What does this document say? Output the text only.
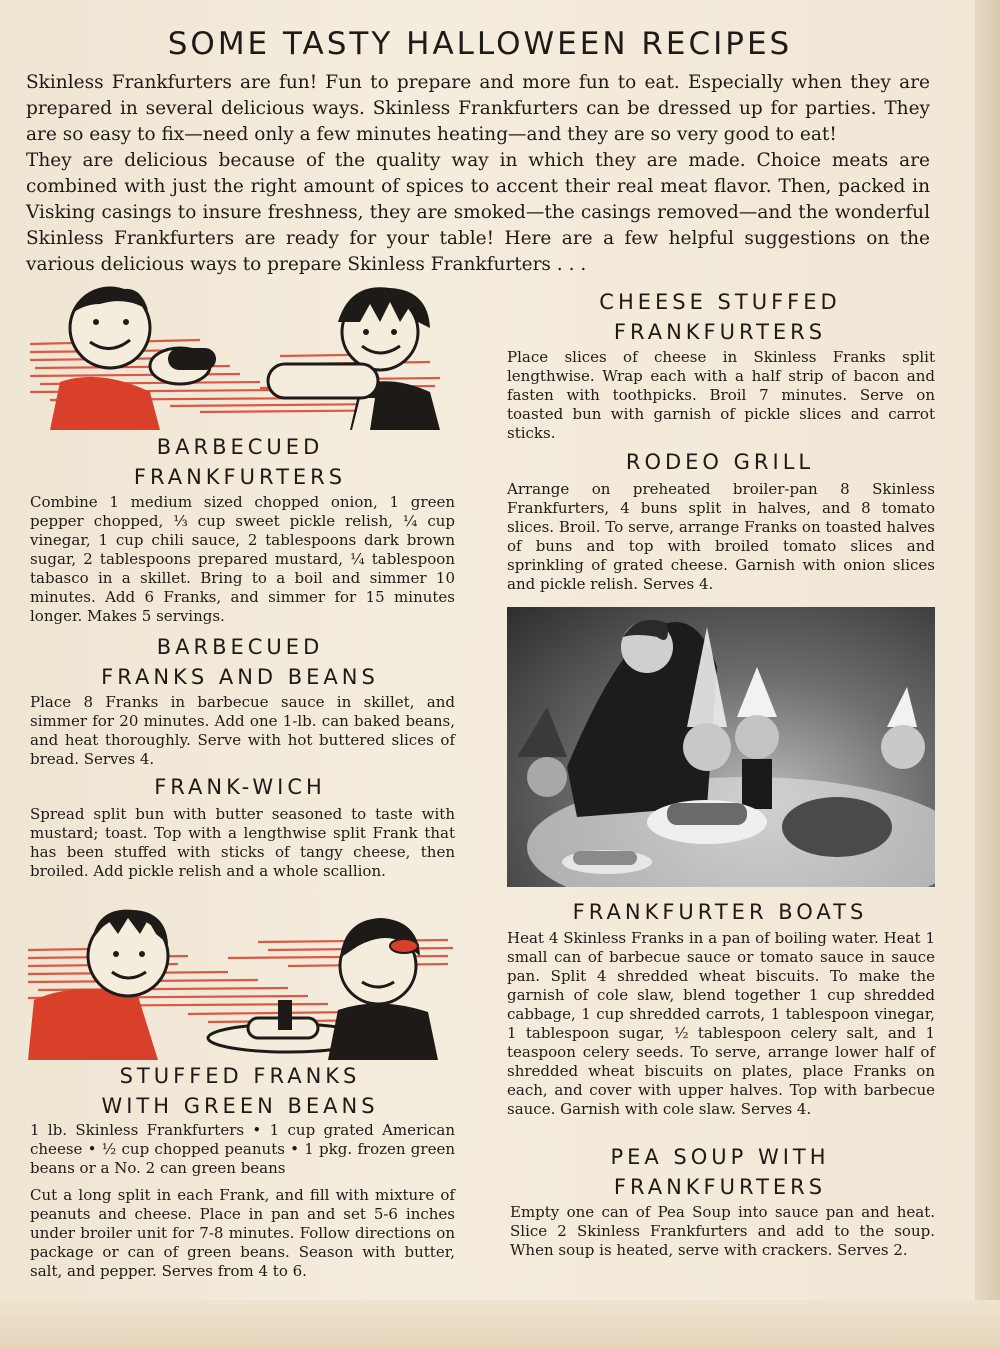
SOME TASTY HALLOWEEN RECIPES

Skinless Frankfurters are fun! Fun to prepare and more fun to eat. Especially when they are prepared in several delicious ways. Skinless Frankfurters can be dressed up for parties. They are so easy to fix—need only a few minutes heating—and they are so very good to eat!

They are delicious because of the quality way in which they are made. Choice meats are combined with just the right amount of spices to accent their real meat flavor. Then, packed in Visking casings to insure freshness, they are smoked—the casings removed—and the wonderful Skinless Frankfurters are ready for your table! Here are a few helpful suggestions on the various delicious ways to prepare Skinless Frankfurters . . .

BARBECUED
FRANKFURTERS

Combine 1 medium sized chopped onion, 1 green pepper chopped, ⅓ cup sweet pickle relish, ¼ cup vinegar, 1 cup chili sauce, 2 tablespoons dark brown sugar, 2 tablespoons prepared mustard, ¼ tablespoon tabasco in a skillet. Bring to a boil and simmer 10 minutes. Add 6 Franks, and simmer for 15 minutes longer. Makes 5 servings.

BARBECUED
FRANKS AND BEANS

Place 8 Franks in barbecue sauce in skillet, and simmer for 20 minutes. Add one 1-lb. can baked beans, and heat thoroughly. Serve with hot buttered slices of bread. Serves 4.

FRANK-WICH

Spread split bun with butter seasoned to taste with mustard; toast. Top with a lengthwise split Frank that has been stuffed with sticks of tangy cheese, then broiled. Add pickle relish and a whole scallion.

STUFFED FRANKS
WITH GREEN BEANS

1 lb. Skinless Frankfurters • 1 cup grated American cheese • ½ cup chopped peanuts • 1 pkg. frozen green beans or a No. 2 can green beans

Cut a long split in each Frank, and fill with mixture of peanuts and cheese. Place in pan and set 5-6 inches under broiler unit for 7-8 minutes. Follow directions on package or can of green beans. Season with butter, salt, and pepper. Serves from 4 to 6.

CHEESE STUFFED
FRANKFURTERS

Place slices of cheese in Skinless Franks split lengthwise. Wrap each with a half strip of bacon and fasten with toothpicks. Broil 7 minutes. Serve on toasted bun with garnish of pickle slices and carrot sticks.

RODEO GRILL

Arrange on preheated broiler-pan 8 Skinless Frankfurters, 4 buns split in halves, and 8 tomato slices. Broil. To serve, arrange Franks on toasted halves of buns and top with broiled tomato slices and sprinkling of grated cheese. Garnish with onion slices and pickle relish. Serves 4.

FRANKFURTER BOATS

Heat 4 Skinless Franks in a pan of boiling water. Heat 1 small can of barbecue sauce or tomato sauce in sauce pan. Split 4 shredded wheat biscuits. To make the garnish of cole slaw, blend together 1 cup shredded cabbage, 1 cup shredded carrots, 1 tablespoon vinegar, 1 tablespoon sugar, ½ tablespoon celery salt, and 1 teaspoon celery seeds. To serve, arrange lower half of shredded wheat biscuits on plates, place Franks on each, and cover with upper halves. Top with barbecue sauce. Garnish with cole slaw. Serves 4.

PEA SOUP WITH
FRANKFURTERS

Empty one can of Pea Soup into sauce pan and heat. Slice 2 Skinless Frankfurters and add to the soup. When soup is heated, serve with crackers. Serves 2.
